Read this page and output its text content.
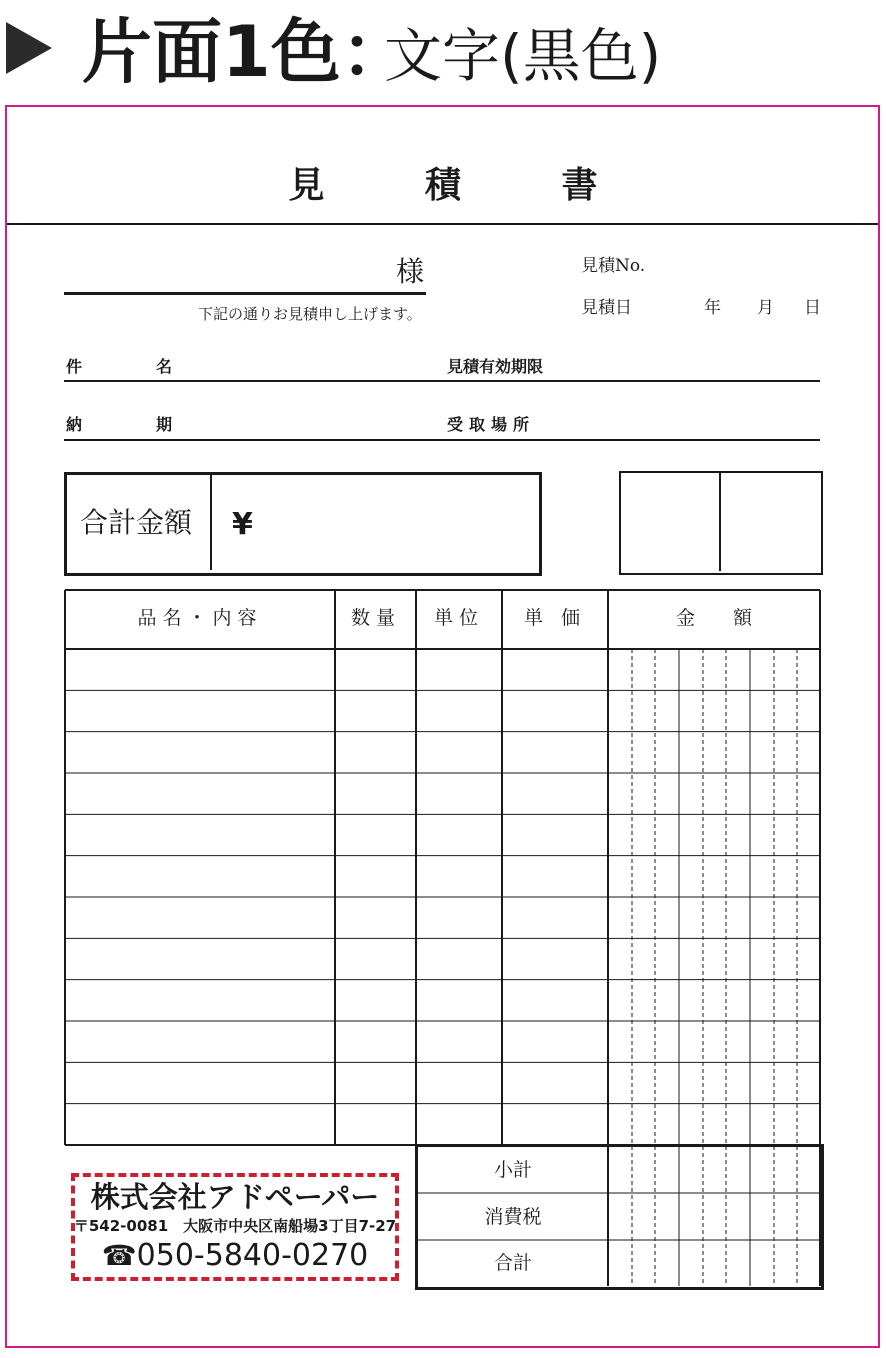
片面1色：
文字(黒色)
見 積 書
様
下記の通りお見積申し上げます。
見積No.
見積日	年 月 日
件	名	見積有効期限
納	期	受取場所
合計金額 ¥
品名・内容	数量	単位	単 価	金　　額
小計
消費税
合計
株式会社アドペーパー
〒542-0081　大阪市中央区南船場3丁目7-27
☎050-5840-0270
